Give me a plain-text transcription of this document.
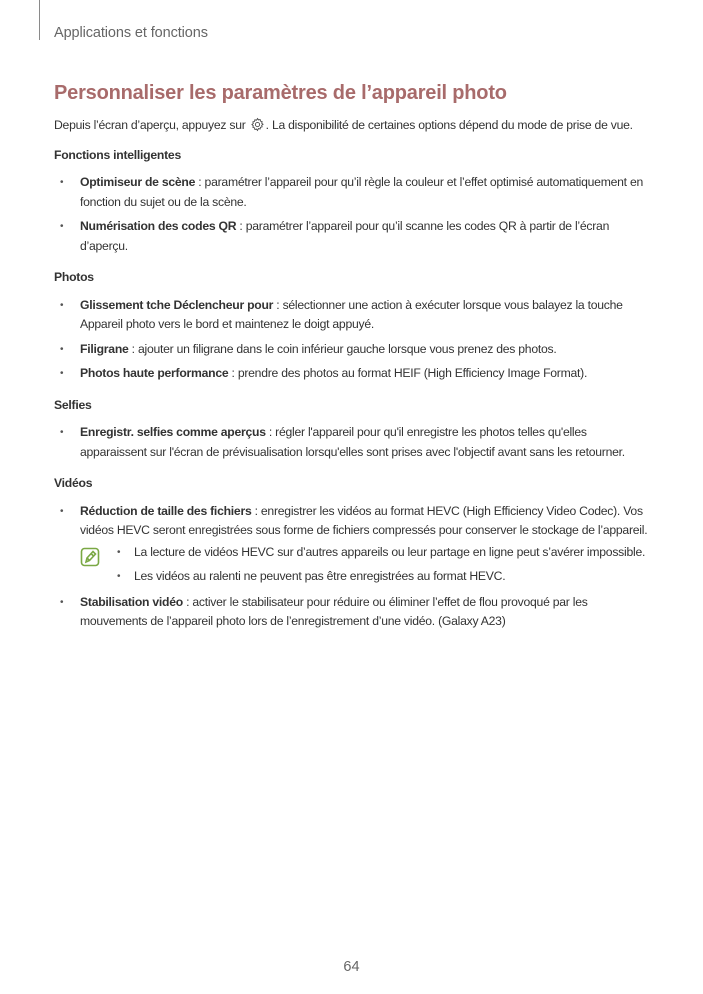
Applications et fonctions
Personnaliser les paramètres de l’appareil photo

Depuis l’écran d’aperçu, appuyez sur . La disponibilité de certaines options dépend du mode de prise de vue.

Fonctions intelligentes
• Optimiseur de scène : paramétrer l’appareil pour qu’il règle la couleur et l’effet optimisé automatiquement en fonction du sujet ou de la scène.
• Numérisation des codes QR : paramétrer l’appareil pour qu’il scanne les codes QR à partir de l’écran d’aperçu.
Photos
• Glissement tche Déclencheur pour : sélectionner une action à exécuter lorsque vous balayez la touche Appareil photo vers le bord et maintenez le doigt appuyé.
• Filigrane : ajouter un filigrane dans le coin inférieur gauche lorsque vous prenez des photos.
• Photos haute performance : prendre des photos au format HEIF (High Efficiency Image Format).
Selfies
• Enregistr. selfies comme aperçus : régler l'appareil pour qu'il enregistre les photos telles qu'elles apparaissent sur l'écran de prévisualisation lorsqu'elles sont prises avec l'objectif avant sans les retourner.
Vidéos
• Réduction de taille des fichiers : enregistrer les vidéos au format HEVC (High Efficiency Video Codec). Vos vidéos HEVC seront enregistrées sous forme de fichiers compressés pour conserver le stockage de l’appareil.
• La lecture de vidéos HEVC sur d’autres appareils ou leur partage en ligne peut s’avérer impossible.
• Les vidéos au ralenti ne peuvent pas être enregistrées au format HEVC.
• Stabilisation vidéo : activer le stabilisateur pour réduire ou éliminer l’effet de flou provoqué par les mouvements de l’appareil photo lors de l’enregistrement d’une vidéo. (Galaxy A23)
64
